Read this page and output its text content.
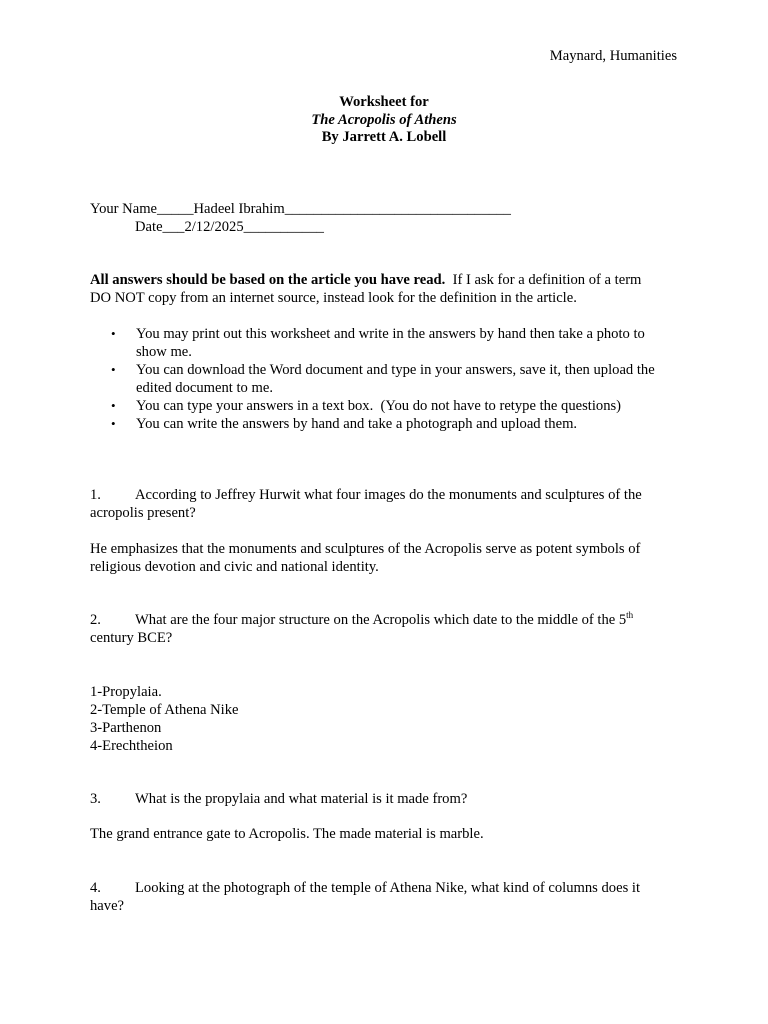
Maynard, Humanities
Worksheet for
The Acropolis of Athens
By Jarrett A. Lobell
Your Name_____Hadeel Ibrahim_______________________________
Date___2/12/2025___________
All answers should be based on the article you have read.  If I ask for a definition of a term
DO NOT copy from an internet source, instead look for the definition in the article.
• You may print out this worksheet and write in the answers by hand then take a photo to
show me.
• You can download the Word document and type in your answers, save it, then upload the
edited document to me.
• You can type your answers in a text box.  (You do not have to retype the questions)
• You can write the answers by hand and take a photograph and upload them.
1. According to Jeffrey Hurwit what four images do the monuments and sculptures of the
acropolis present?
He emphasizes that the monuments and sculptures of the Acropolis serve as potent symbols of
religious devotion and civic and national identity.
2. What are the four major structure on the Acropolis which date to the middle of the 5th
century BCE?
1-Propylaia.
2-Temple of Athena Nike
3-Parthenon
4-Erechtheion
3. What is the propylaia and what material is it made from?
The grand entrance gate to Acropolis. The made material is marble.
4. Looking at the photograph of the temple of Athena Nike, what kind of columns does it
have?
